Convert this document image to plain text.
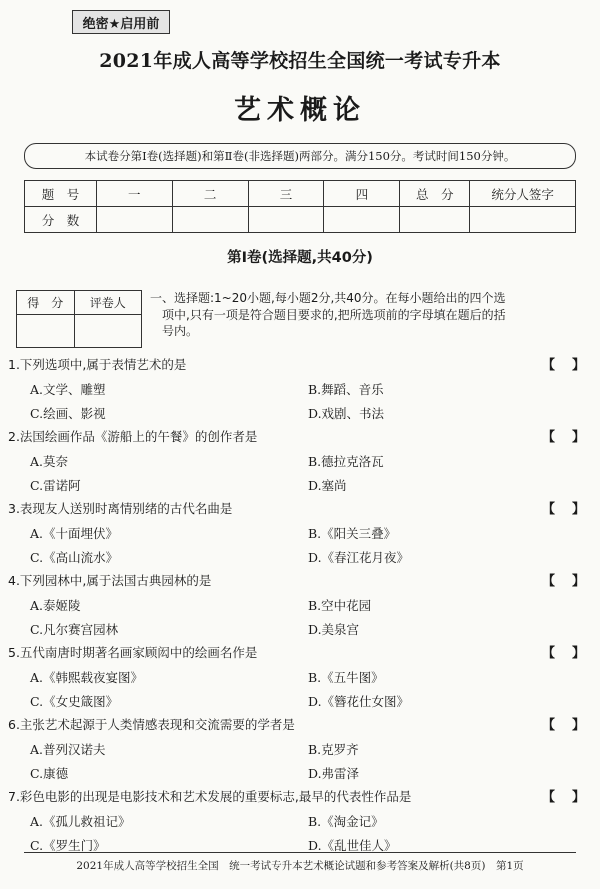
绝密★启用前
2021年成人高等学校招生全国统一考试专升本
艺术概论
本试卷分第Ⅰ卷(选择题)和第Ⅱ卷(非选择题)两部分。满分150分。考试时间150分钟。
题　号	一	二	三	四	总　分	统分人签字
分　数						
第Ⅰ卷(选择题,共40分)
得　分	评卷人
	一、选择题:1~20小题,每小题2分,共40分。在每小题给出的四个选

项中,只有一项是符合题目要求的,把所选项前的字母填在题后的括

号内。

1.下列选项中,属于表情艺术的是	【　】
A.文学、雕塑	B.舞蹈、音乐
C.绘画、影视	D.戏剧、书法
2.法国绘画作品《游船上的午餐》的创作者是	【　】
A.莫奈	B.德拉克洛瓦
C.雷诺阿	D.塞尚
3.表现友人送别时离情别绪的古代名曲是	【　】
A.《十面埋伏》	B.《阳关三叠》
C.《高山流水》	D.《春江花月夜》
4.下列园林中,属于法国古典园林的是	【　】
A.泰姬陵	B.空中花园
C.凡尔赛宫园林	D.美泉宫
5.五代南唐时期著名画家顾闳中的绘画名作是	【　】
A.《韩熙载夜宴图》	B.《五牛图》
C.《女史箴图》	D.《簪花仕女图》
6.主张艺术起源于人类情感表现和交流需要的学者是	【　】
A.普列汉诺夫	B.克罗齐
C.康德	D.弗雷泽
7.彩色电影的出现是电影技术和艺术发展的重要标志,最早的代表性作品是	【　】
A.《孤儿救祖记》	B.《淘金记》
C.《罗生门》	D.《乱世佳人》
2021年成人高等学校招生全国　统一考试专升本艺术概论试题和参考答案及解析(共8页)　第1页
